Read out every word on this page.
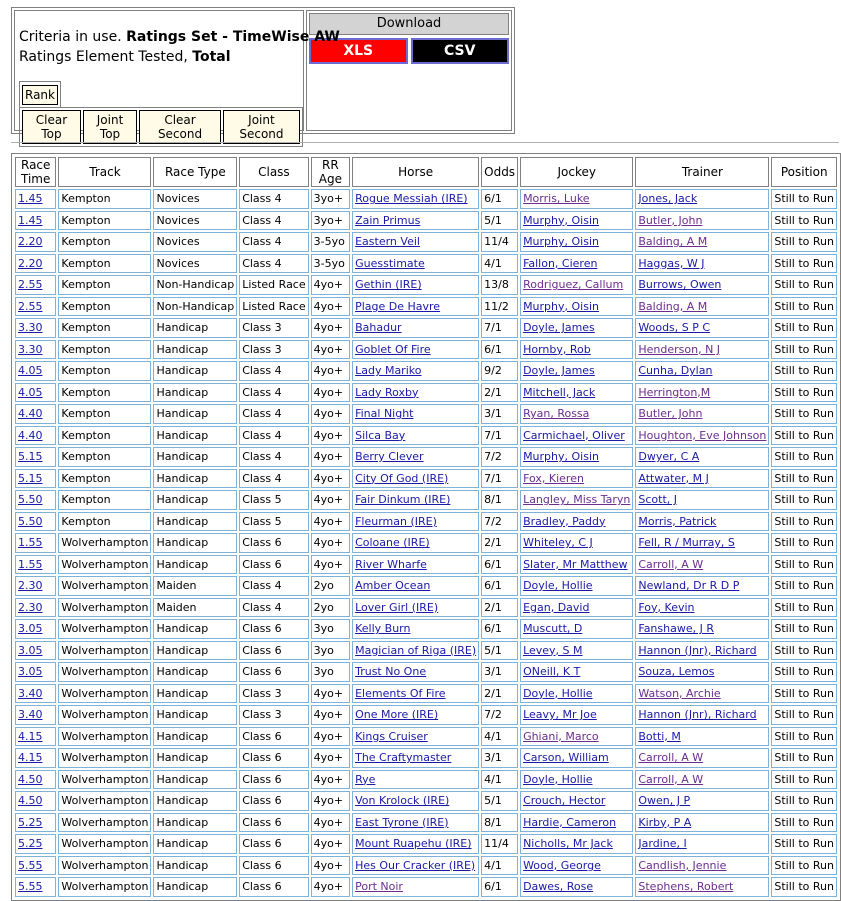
Criteria in use. Ratings Set - TimeWise AW
Ratings Element Tested, Total
Rank
Clear Top
Joint Top
Clear Second
Joint Second
Download
XLS	CSV
Race Time	Track	Race Type	Class	RR Age	Horse	Odds	Jockey	Trainer	Position
1.45	Kempton	Novices	Class 4	3yo+	Rogue Messiah (IRE)	6/1	Morris, Luke	Jones, Jack	Still to Run
1.45	Kempton	Novices	Class 4	3yo+	Zain Primus	5/1	Murphy, Oisin	Butler, John	Still to Run
2.20	Kempton	Novices	Class 4	3-5yo	Eastern Veil	11/4	Murphy, Oisin	Balding, A M	Still to Run
2.20	Kempton	Novices	Class 4	3-5yo	Guesstimate	4/1	Fallon, Cieren	Haggas, W J	Still to Run
2.55	Kempton	Non-Handicap	Listed Race	4yo+	Gethin (IRE)	13/8	Rodriguez, Callum	Burrows, Owen	Still to Run
2.55	Kempton	Non-Handicap	Listed Race	4yo+	Plage De Havre	11/2	Murphy, Oisin	Balding, A M	Still to Run
3.30	Kempton	Handicap	Class 3	4yo+	Bahadur	7/1	Doyle, James	Woods, S P C	Still to Run
3.30	Kempton	Handicap	Class 3	4yo+	Goblet Of Fire	6/1	Hornby, Rob	Henderson, N J	Still to Run
4.05	Kempton	Handicap	Class 4	4yo+	Lady Mariko	9/2	Doyle, James	Cunha, Dylan	Still to Run
4.05	Kempton	Handicap	Class 4	4yo+	Lady Roxby	2/1	Mitchell, Jack	Herrington,M	Still to Run
4.40	Kempton	Handicap	Class 4	4yo+	Final Night	3/1	Ryan, Rossa	Butler, John	Still to Run
4.40	Kempton	Handicap	Class 4	4yo+	Silca Bay	7/1	Carmichael, Oliver	Houghton, Eve Johnson	Still to Run
5.15	Kempton	Handicap	Class 4	4yo+	Berry Clever	7/2	Murphy, Oisin	Dwyer, C A	Still to Run
5.15	Kempton	Handicap	Class 4	4yo+	City Of God (IRE)	7/1	Fox, Kieren	Attwater, M J	Still to Run
5.50	Kempton	Handicap	Class 5	4yo+	Fair Dinkum (IRE)	8/1	Langley, Miss Taryn	Scott, J	Still to Run
5.50	Kempton	Handicap	Class 5	4yo+	Fleurman (IRE)	7/2	Bradley, Paddy	Morris, Patrick	Still to Run
1.55	Wolverhampton	Handicap	Class 6	4yo+	Coloane (IRE)	2/1	Whiteley, C J	Fell, R / Murray, S	Still to Run
1.55	Wolverhampton	Handicap	Class 6	4yo+	River Wharfe	6/1	Slater, Mr Matthew	Carroll, A W	Still to Run
2.30	Wolverhampton	Maiden	Class 4	2yo	Amber Ocean	6/1	Doyle, Hollie	Newland, Dr R D P	Still to Run
2.30	Wolverhampton	Maiden	Class 4	2yo	Lover Girl (IRE)	2/1	Egan, David	Foy, Kevin	Still to Run
3.05	Wolverhampton	Handicap	Class 6	3yo	Kelly Burn	6/1	Muscutt, D	Fanshawe, J R	Still to Run
3.05	Wolverhampton	Handicap	Class 6	3yo	Magician of Riga (IRE)	5/1	Levey, S M	Hannon (Jnr), Richard	Still to Run
3.05	Wolverhampton	Handicap	Class 6	3yo	Trust No One	3/1	ONeill, K T	Souza, Lemos	Still to Run
3.40	Wolverhampton	Handicap	Class 3	4yo+	Elements Of Fire	2/1	Doyle, Hollie	Watson, Archie	Still to Run
3.40	Wolverhampton	Handicap	Class 3	4yo+	One More (IRE)	7/2	Leavy, Mr Joe	Hannon (Jnr), Richard	Still to Run
4.15	Wolverhampton	Handicap	Class 6	4yo+	Kings Cruiser	4/1	Ghiani, Marco	Botti, M	Still to Run
4.15	Wolverhampton	Handicap	Class 6	4yo+	The Craftymaster	3/1	Carson, William	Carroll, A W	Still to Run
4.50	Wolverhampton	Handicap	Class 6	4yo+	Rye	4/1	Doyle, Hollie	Carroll, A W	Still to Run
4.50	Wolverhampton	Handicap	Class 6	4yo+	Von Krolock (IRE)	5/1	Crouch, Hector	Owen, J P	Still to Run
5.25	Wolverhampton	Handicap	Class 6	4yo+	East Tyrone (IRE)	8/1	Hardie, Cameron	Kirby, P A	Still to Run
5.25	Wolverhampton	Handicap	Class 6	4yo+	Mount Ruapehu (IRE)	11/4	Nicholls, Mr Jack	Jardine, I	Still to Run
5.55	Wolverhampton	Handicap	Class 6	4yo+	Hes Our Cracker (IRE)	4/1	Wood, George	Candlish, Jennie	Still to Run
5.55	Wolverhampton	Handicap	Class 6	4yo+	Port Noir	6/1	Dawes, Rose	Stephens, Robert	Still to Run
